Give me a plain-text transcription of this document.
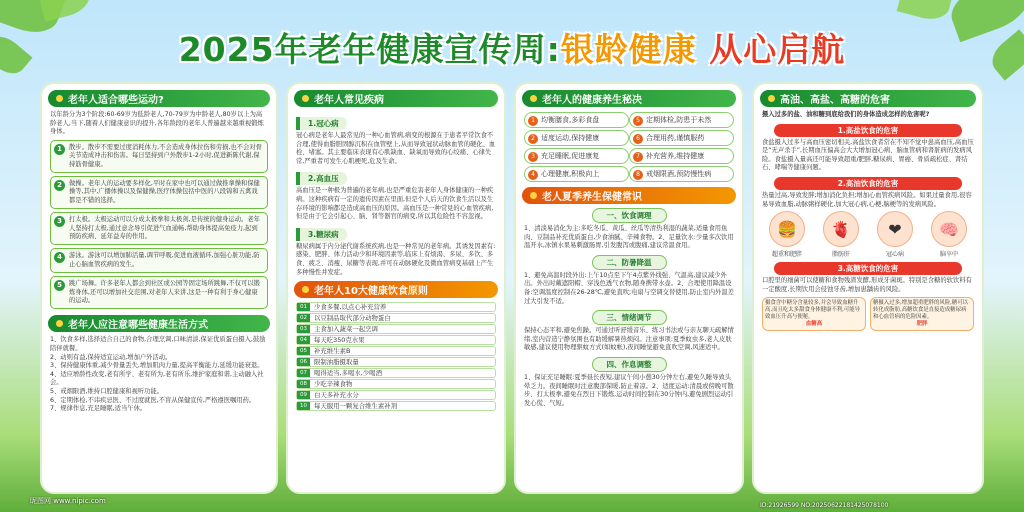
2025年老年健康宣传周:银龄健康 从心启航
老年人适合哪些运动?
以年龄分为3个阶段:60-69岁为低龄老人,70-79岁为中龄老人,80岁以上为高龄老人,当下,随着人们健康意识的提升,各年龄段的老年人普遍越来越重视锻炼身体。
1	散步。散步不需要过度消耗体力,不会造成身体拉伤和劳损,也不会对骨关节造成冲击和伤害。每日坚持到户外散步1-2小时,促进新陈代谢,保持筋骨健康。
2	做操。老年人的运动要多样化,平时在家中也可以通过做推拿操和保健操等,其中,广播体操以及保健操,医疗体操包括中医的八段锦和五禽戏都是不错的选择。
3	打太极。太极运动可以分成太极拳和太极剑,是传统的健身运动。老年人坚持打太极,通过意念导引促进气血通畅,帮助身体提高免疫力,起到预防疾病、延年益寿的作用。
4	游泳。游泳可以增加肺活量,调节呼吸,促进血液循环,加强心脏功能,防止心脑血管疾病的发生。
5	跳广场舞。许多老年人都会到社区或公园等固定场所跳舞,不仅可以锻炼身体,还可以增加社交范围,对老年人来讲,这是一种有利于身心健康的运动。
老年人应注意哪些健康生活方式
1、饮食多样,选择适合自己的食物,合理烹调,口味清淡,保证优质蛋白摄入,鼓励陪伴就餐。
2、动则有益,保持适宜运动,增加户外活动。
3、保持健康体重,减少骨量丢失,增加肌肉力量,提高平衡能力,延缓功能衰退。
4、适应增龄性改变,老有所学、老有所为,老有所乐,维护家庭和谐,主动融入社会。
5、戒烟限酒,维持口腔健康和视听功能。
6、定期体检,不讳疾忌医、不过度就医,不盲从保健宣传,严格遵医嘱用药。
7、规律作息,充足睡眠,适当午休。
老年人常见疾病
1.冠心病
冠心病是老年人最常见的一种心血管病,病变的根源在于患者平常饮食不合理,使得血脂胆固醇沉积在血管壁上,从而导致冠状动脉血管的硬化、血栓、堵塞。其主要临床表现有心肌缺血、缺氧而导致的心绞痛、心律失常,严重者可发生心肌梗死,危及生命。
2.高血压
高血压是一种极为普遍的老年病,也是严重危害老年人身体健康的一种疾病。这种疾病有一定的遗传因素在里面,但是个人后天的饮食生活以及生存环境的影响都是造成高血压的原因。高血压是一种常見的心血管疾病,但是由于它会引起心、脑、肾等器官的病变,所以其危险性不容忽视。
3.糖尿病
糖尿病属于内分泌代谢系统疾病,也是一种常见的老年病。其诱发因素有:感染、肥胖、体力活动少和环境因素等,临床上有烦渴、多尿、多饮、多食、疲乏、消瘦、尿糖等表现,并可在动脉硬化及微血管病变基础上产生多种慢性并发症。
老年人10大健康饮食原则
01	少食多餐,以点心补充营养
02	以豆制品取代部分动物蛋白
03	主食加入蔬菜一起烹调
04	每天吃350克水果
05	补充维生素B
06	限制油脂摄取量
07	喝得适当,多喝水,少喝酒
08	少吃辛辣食物
09	白天多补充水分
10	每天服用一颗复合维生素补剂
老年人的健康养生秘决
1 均衡膳食,多彩食盘	5 定期体检,防患于未然
2 适度运动,保持健康	6 合理用药,谨慎服药
3 充足睡眠,促进康复	7 补充营养,维持健康
4 心理健康,积极向上	8 戒烟限酒,预防慢性病
老人夏季养生保健常识
一、饮食调理
1、清淡易消化为主:多吃冬瓜、黄瓜、丝瓜等清热利湿的蔬菜,适量食用鱼肉、豆制品补充优质蛋白,少食油腻、辛辣食物。2、足量饮水:少量多次饮用温开水,冰镇水果易刺激肠胃,引发腹泻或腹痛,建议常温食用。
二、防暑降温
1、避免高温时段外出:上午10点至下午4点紫外线强、气温高,建议减少外出。外出时戴遮阳帽、穿浅色透气衣物,随身携带水壶。2、合理使用降温设备:空调温度控制在26-28℃,避免直吹;电扇与空调交替使用,防止室内外温差过大引发不适。
三、情绪调节
保持心态平和,避免焦躁。可通过听舒缓音乐、练习书法或与亲友聊天疏解情绪,室内营造宁静氛围也有助缓解暑热烦闷。注意事项:夏季蚊虫多,老人皮肤敏感,建议使用物理驱蚊方式(如蚊帐),夜间睡觉避免直吹空调,风速适中。
四、作息调整
1、保证充足睡眠:夏季昼长夜短,建议午间小憩30分钟左右,避免久睡导致头晕乏力。夜间睡眠时注意腹部保暖,防止着凉。2、适度运动:清晨或傍晚可散步、打太极拳,避免在烈日下锻炼,运动时间控制在30分钟内,避免剧烈运动引发心慌、气短。
高油、高盐、高糖的危害
摄入过多的盐、油和糖到底给我们的身体造成怎样的危害呢?
1.高盐饮食的危害
食盐摄入过多与高血压密切相关,高盐饮食者常在不知不觉中患高血压,高血压是“无声杀手”,长期血压偏高会大大增加冠心病、脑血管病和肾脏病的发病风险。食盐摄入量高还可能导致超重/肥胖,糖尿病、胃癌、骨质疏松症、肾结石、哮喘等健康问题。
2.高油饮食的危害
热量过高,导致发胖;增加消化负担;增加心血管疾病风险。如果过量食用,很容易导致血脂,动脉粥样硬化,加大冠心病,心梗,脑梗等的发病风险。
🍔
超重和肥胖
🫀
脂肪肝
❤
冠心病
🧠
脑卒中
3.高糖饮食的危害
口腔里的细菌可以使糖和食物残渣发酵,形成牙菌斑。特别是含糖的软饮料有一定酸度,长期饮用会侵蚀牙齿,增加患龋齿的风险。
摄食含中糖分含量较多,并会导致血糖升高,而且吃太多甜食身体健康不利,可能导致血压升高与便秘。
血糖高
糖摄入过多,增加超重肥胖的风险,糖可以转化成脂肪,高糖饮食是直接造成糖尿病和心血管病的危险因素。
肥胖
昵图网 www.nipic.com
ID:21926599 NO:20250622181425078100
